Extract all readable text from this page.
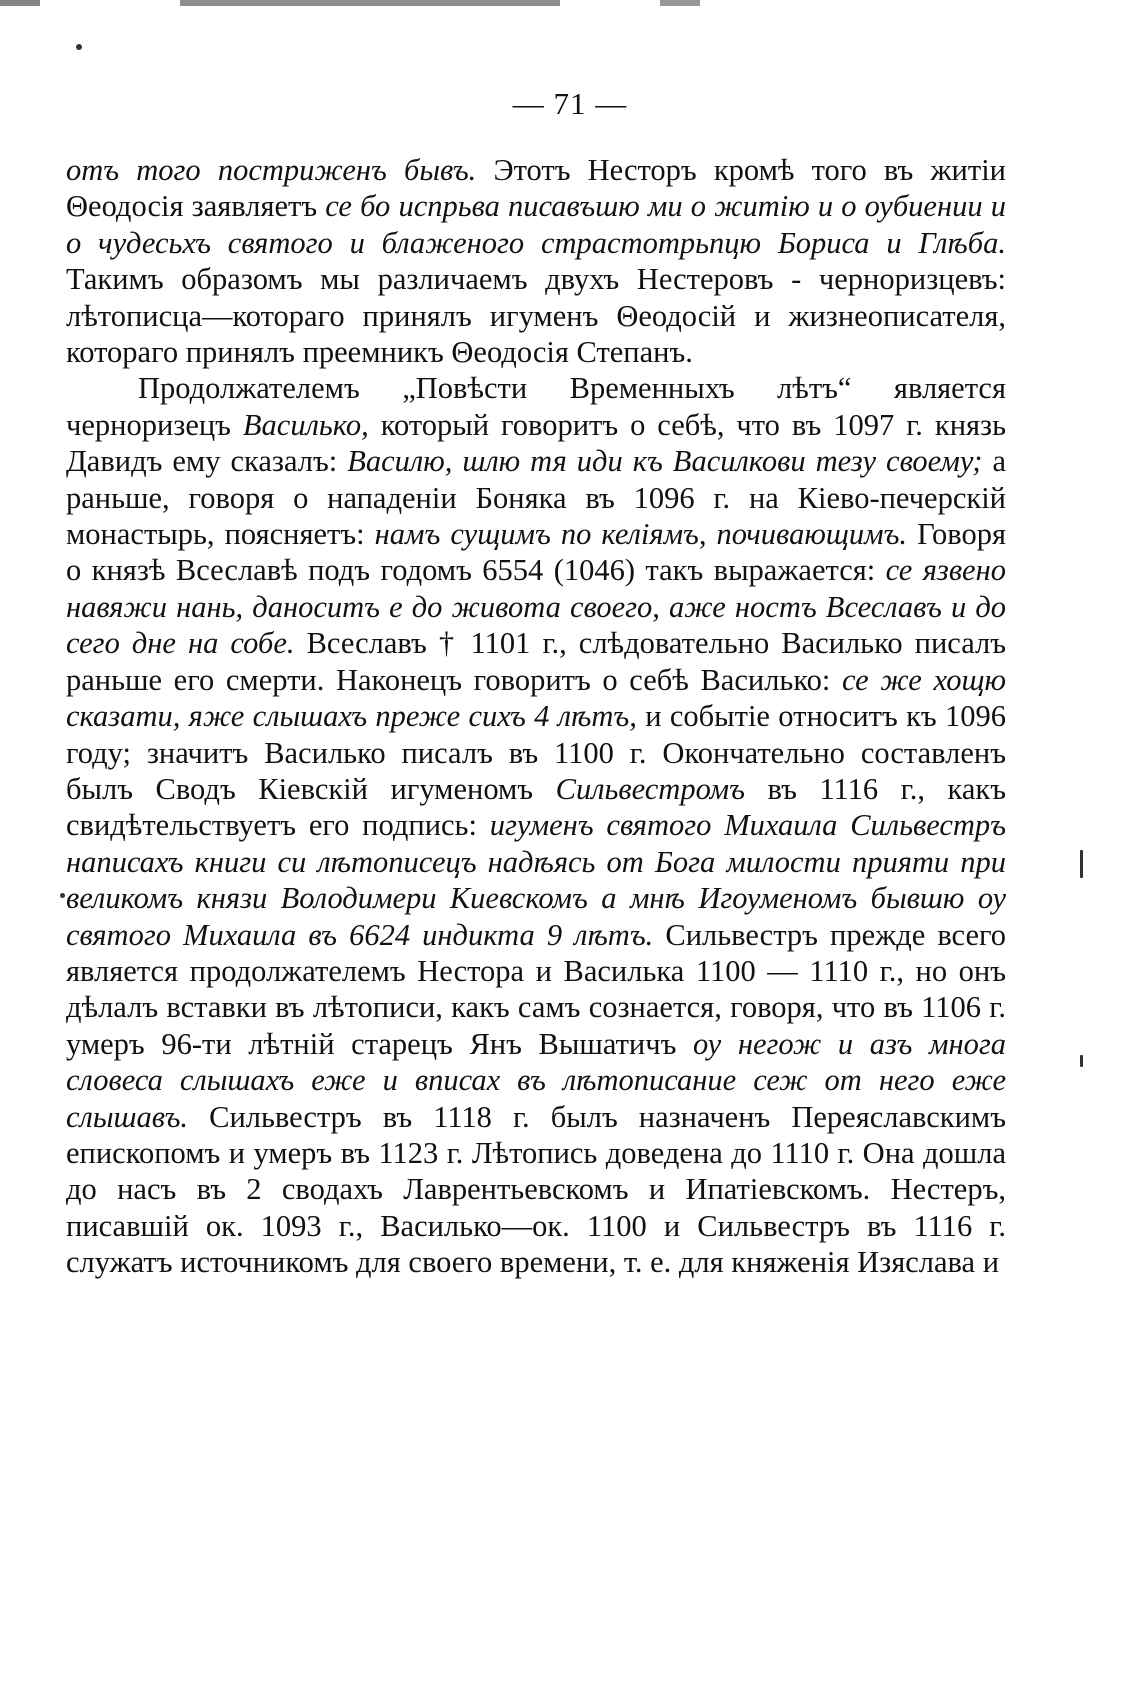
— 71 —

отъ того постриженъ бывъ. Этотъ Несторъ кромѣ того въ житіи Θеодосія заявляетъ се бо испрьва писавъшю ми о житію и о оубиении и о чудесьхъ святого и блаженого страстотрьпцю Бориса и Глѣба. Такимъ образомъ мы различаемъ двухъ Нестеровъ - черноризцевъ: лѣтописца—котораго принялъ игуменъ Θеодосій и жизнеописателя, котораго принялъ преемникъ Θеодосія Степанъ.

Продолжателемъ „Повѣсти Временныхъ лѣтъ“ является черноризецъ Василько, который говоритъ о себѣ, что въ 1097 г. князь Давидъ ему сказалъ: Василю, шлю тя иди къ Василкови тезу своему; а раньше, говоря о нападеніи Боняка въ 1096 г. на Кіево-печерскій монастырь, поясняетъ: намъ сущимъ по келіямъ, почивающимъ. Говоря о князѣ Всеславѣ подъ годомъ 6554 (1046) такъ выражается: се язвено навяжи нань, даноситъ е до живота своего, аже ностъ Всеславъ и до сего дне на собе. Всеславъ † 1101 г., слѣдовательно Василько писалъ раньше его смерти. Наконецъ говоритъ о себѣ Василько: се же хощю сказати, яже слышахъ преже сихъ 4 лѣтъ, и событіе относитъ къ 1096 году; значитъ Василько писалъ въ 1100 г. Окончательно составленъ былъ Сводъ Кіевскій игуменомъ Сильвестромъ въ 1116 г., какъ свидѣтельствуетъ его подпись: игуменъ святого Михаила Сильвестръ написахъ книги си лѣтописецъ надѣясь от Бога милости прияти при великомъ князи Володимери Киевскомъ а мнѣ Игоуменомъ бывшю оу святого Михаила въ 6624 индикта 9 лѣтъ. Сильвестръ прежде всего является продолжателемъ Нестора и Василька 1100 — 1110 г., но онъ дѣлалъ вставки въ лѣтописи, какъ самъ сознается, говоря, что въ 1106 г. умеръ 96-ти лѣтній старецъ Янъ Вышатичъ оу негож и азъ многа словеса слышахъ еже и вписах въ лѣтописание сеж от него еже слышавъ. Сильвестръ въ 1118 г. былъ назначенъ Переяславскимъ епископомъ и умеръ въ 1123 г. Лѣтопись доведена до 1110 г. Она дошла до насъ въ 2 сводахъ Лаврентьевскомъ и Ипатіевскомъ. Нестеръ, писавшій ок. 1093 г., Василько—ок. 1100 и Сильвестръ въ 1116 г. служатъ источникомъ для своего времени, т. е. для княженія Изяслава и
